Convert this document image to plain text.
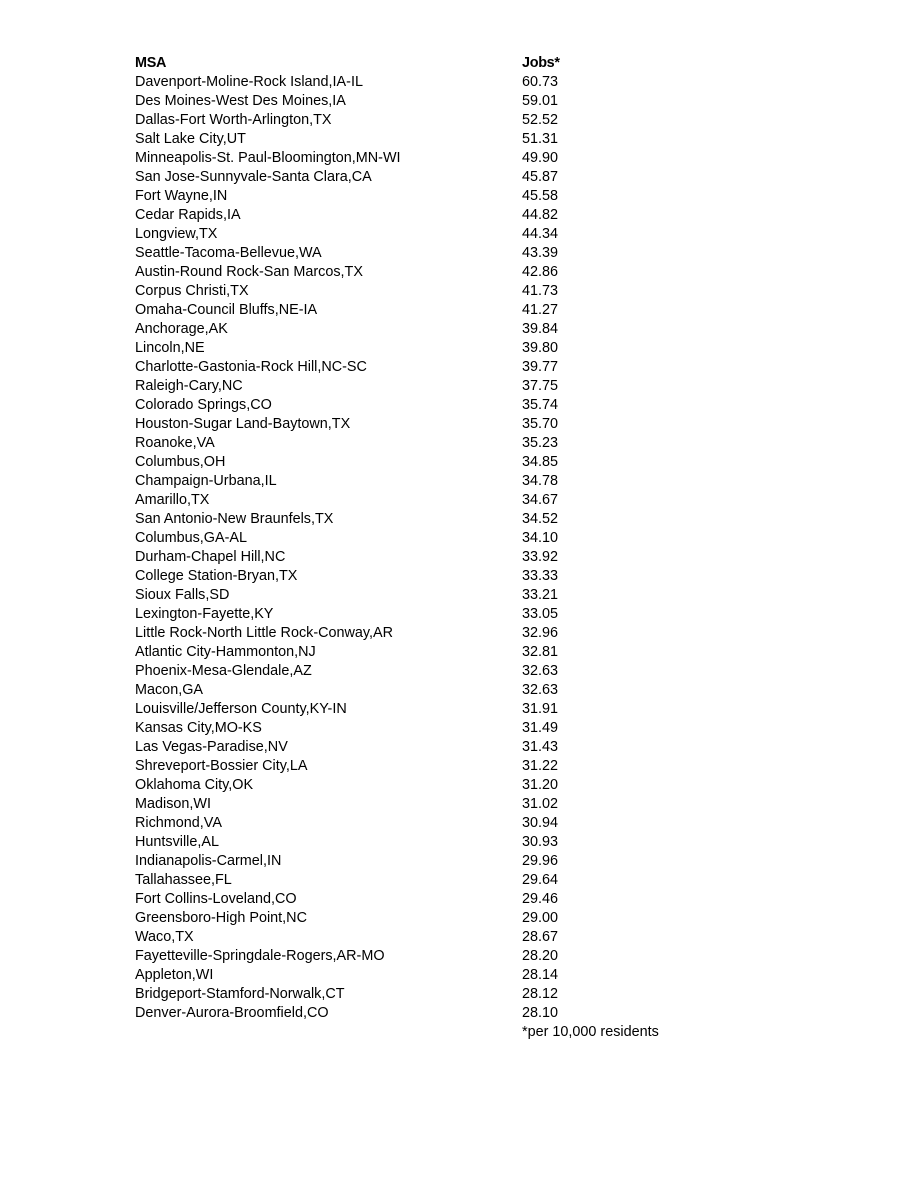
MSA	Jobs*
Davenport-Moline-Rock Island,IA-IL	60.73
Des Moines-West Des Moines,IA	59.01
Dallas-Fort Worth-Arlington,TX	52.52
Salt Lake City,UT	51.31
Minneapolis-St. Paul-Bloomington,MN-WI	49.90
San Jose-Sunnyvale-Santa Clara,CA	45.87
Fort Wayne,IN	45.58
Cedar Rapids,IA	44.82
Longview,TX	44.34
Seattle-Tacoma-Bellevue,WA	43.39
Austin-Round Rock-San Marcos,TX	42.86
Corpus Christi,TX	41.73
Omaha-Council Bluffs,NE-IA	41.27
Anchorage,AK	39.84
Lincoln,NE	39.80
Charlotte-Gastonia-Rock Hill,NC-SC	39.77
Raleigh-Cary,NC	37.75
Colorado Springs,CO	35.74
Houston-Sugar Land-Baytown,TX	35.70
Roanoke,VA	35.23
Columbus,OH	34.85
Champaign-Urbana,IL	34.78
Amarillo,TX	34.67
San Antonio-New Braunfels,TX	34.52
Columbus,GA-AL	34.10
Durham-Chapel Hill,NC	33.92
College Station-Bryan,TX	33.33
Sioux Falls,SD	33.21
Lexington-Fayette,KY	33.05
Little Rock-North Little Rock-Conway,AR	32.96
Atlantic City-Hammonton,NJ	32.81
Phoenix-Mesa-Glendale,AZ	32.63
Macon,GA	32.63
Louisville/Jefferson County,KY-IN	31.91
Kansas City,MO-KS	31.49
Las Vegas-Paradise,NV	31.43
Shreveport-Bossier City,LA	31.22
Oklahoma City,OK	31.20
Madison,WI	31.02
Richmond,VA	30.94
Huntsville,AL	30.93
Indianapolis-Carmel,IN	29.96
Tallahassee,FL	29.64
Fort Collins-Loveland,CO	29.46
Greensboro-High Point,NC	29.00
Waco,TX	28.67
Fayetteville-Springdale-Rogers,AR-MO	28.20
Appleton,WI	28.14
Bridgeport-Stamford-Norwalk,CT	28.12
Denver-Aurora-Broomfield,CO	28.10
*per 10,000 residents
